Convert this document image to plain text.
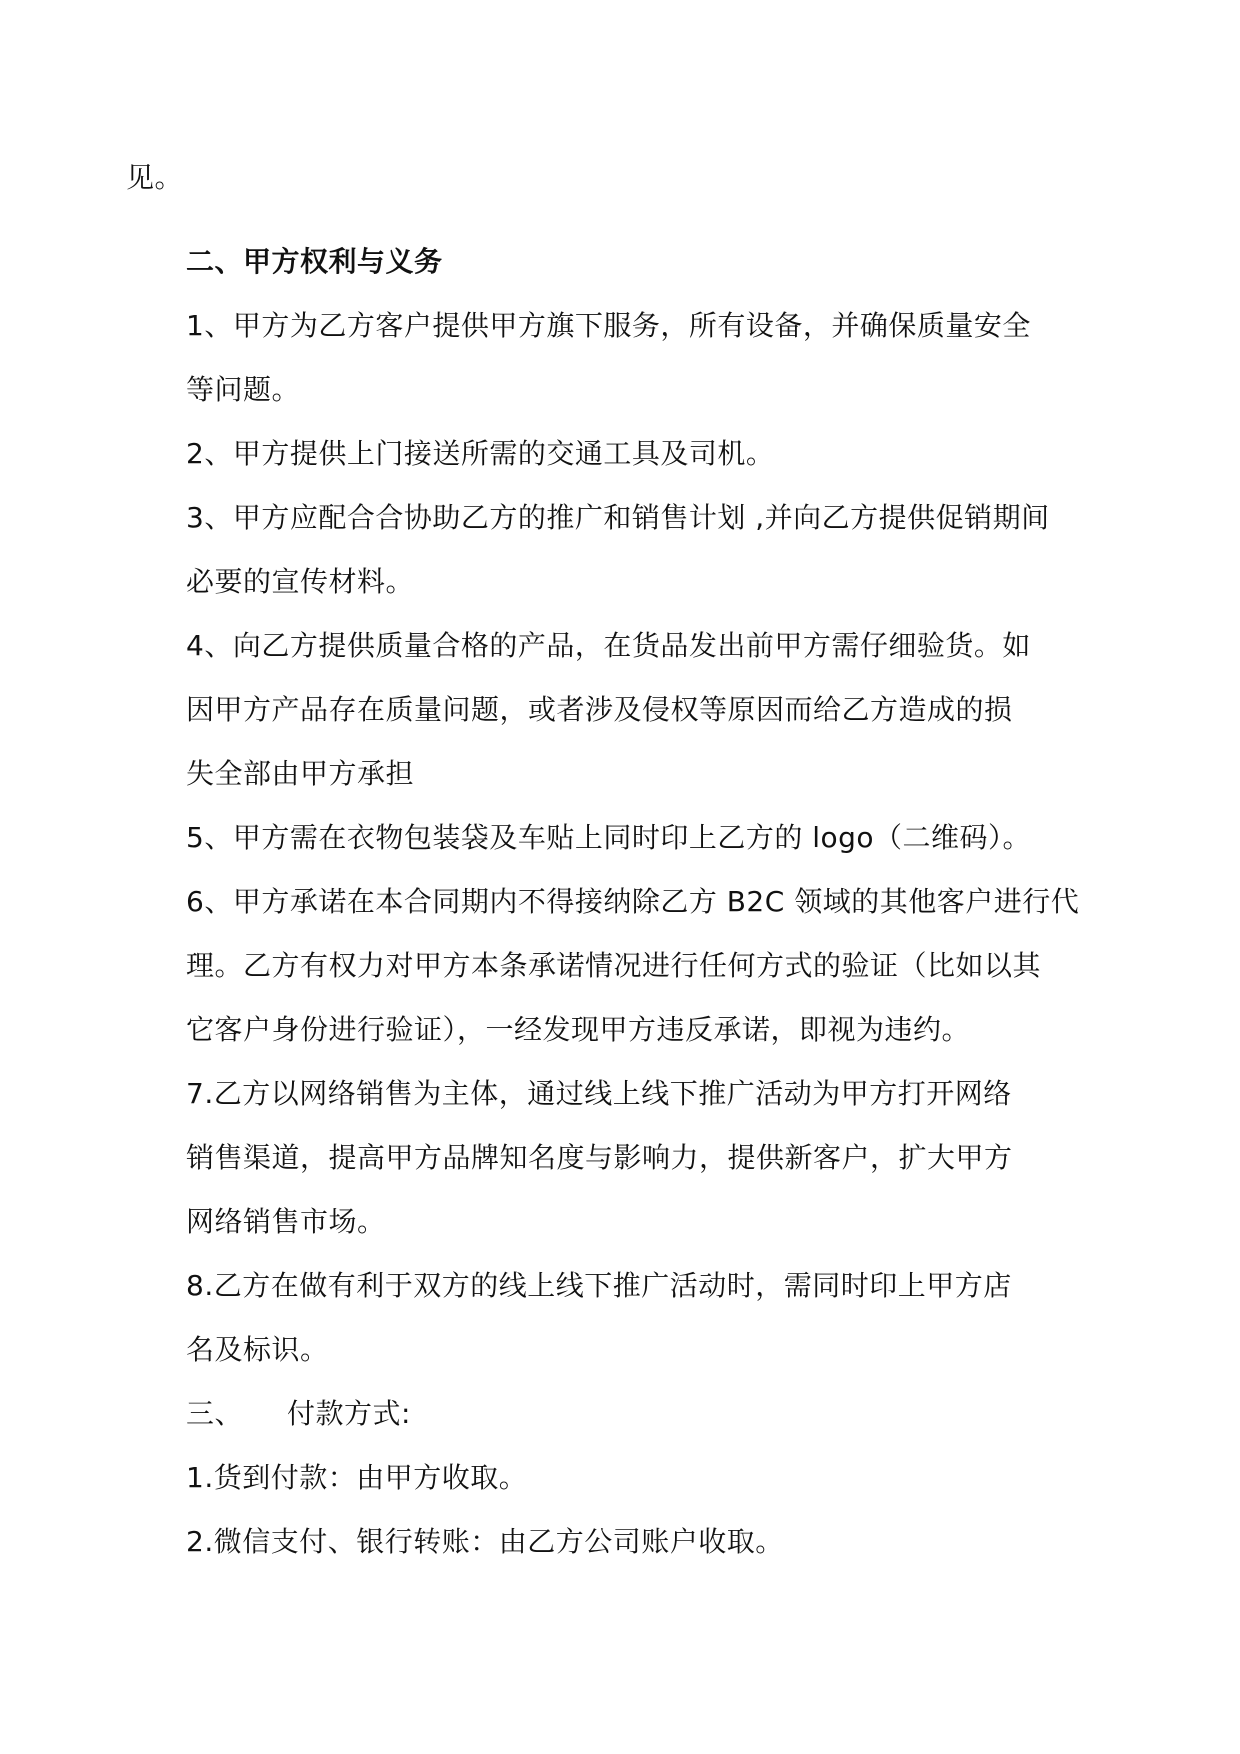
见。
二、甲方权利与义务
1、甲方为乙方客户提供甲方旗下服务，所有设备，并确保质量安全
等问题。
2、甲方提供上门接送所需的交通工具及司机。
3、甲方应配合合协助乙方的推广和销售计划 ,并向乙方提供促销期间
必要的宣传材料。
4、向乙方提供质量合格的产品，在货品发出前甲方需仔细验货。如
因甲方产品存在质量问题，或者涉及侵权等原因而给乙方造成的损
失全部由甲方承担
5、甲方需在衣物包装袋及车贴上同时印上乙方的 logo（二维码）。
6、甲方承诺在本合同期内不得接纳除乙方 B2C 领域的其他客户进行代
理。乙方有权力对甲方本条承诺情况进行任何方式的验证（比如以其
它客户身份进行验证），一经发现甲方违反承诺，即视为违约。
7.乙方以网络销售为主体，通过线上线下推广活动为甲方打开网络
销售渠道，提高甲方品牌知名度与影响力，提供新客户，扩大甲方
网络销售市场。
8.乙方在做有利于双方的线上线下推广活动时，需同时印上甲方店
名及标识。
三、 付款方式:
1.货到付款：由甲方收取。
2.微信支付、银行转账：由乙方公司账户收取。
